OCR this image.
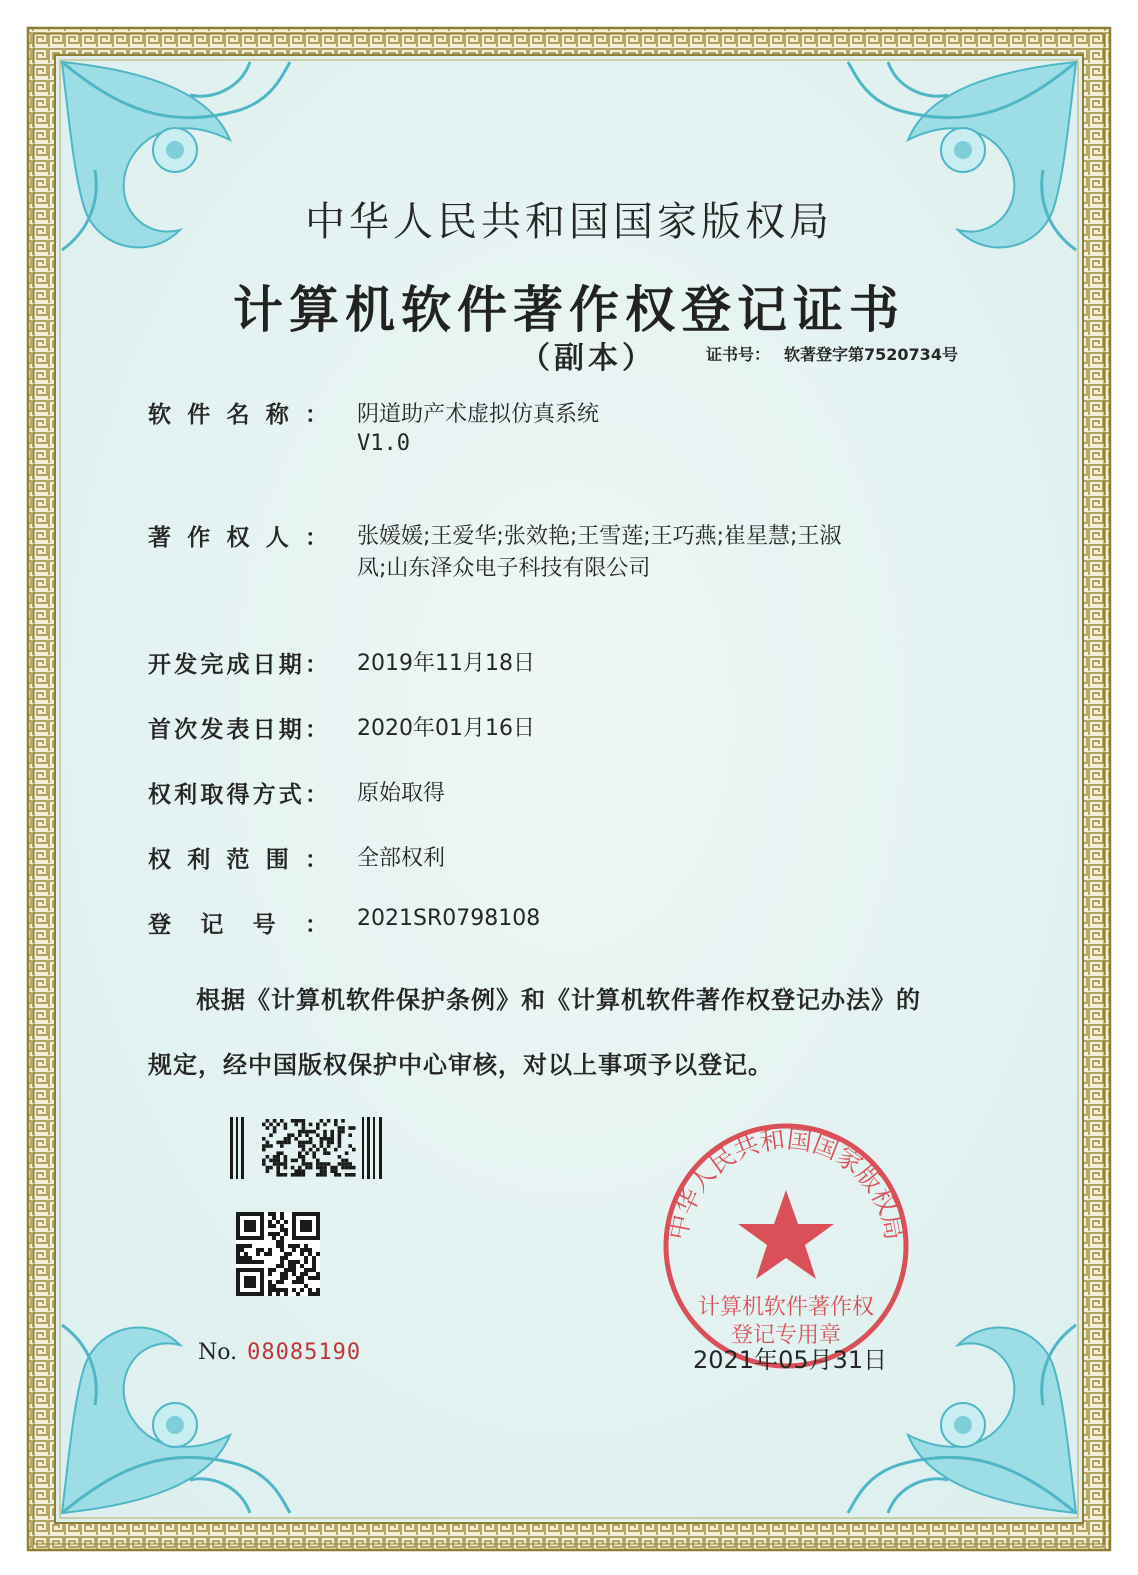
中华人民共和国国家版权局
计算机软件著作权登记证书
（副本）	证书号： 软著登字第7520734号
软 件 名 称 ： 阴道助产术虚拟仿真系统
V1.0
著 作 权 人 ： 张媛媛;王爱华;张效艳;王雪莲;王巧燕;崔星慧;王淑
凤;山东泽众电子科技有限公司
开 发 完 成 日 期 ： 2019年11月18日
首 次 发 表 日 期 ： 2020年01月16日
权 利 取 得 方 式 ： 原始取得
权 利 范 围 ： 全部权利
登 记 号 ： 2021SR0798108
根据《计算机软件保护条例》和《计算机软件著作权登记办法》的
规定，经中国版权保护中心审核，对以上事项予以登记。
No. 08085190
中华人民共和国国家版权局
计算机软件著作权
登记专用章
2021年05月31日
